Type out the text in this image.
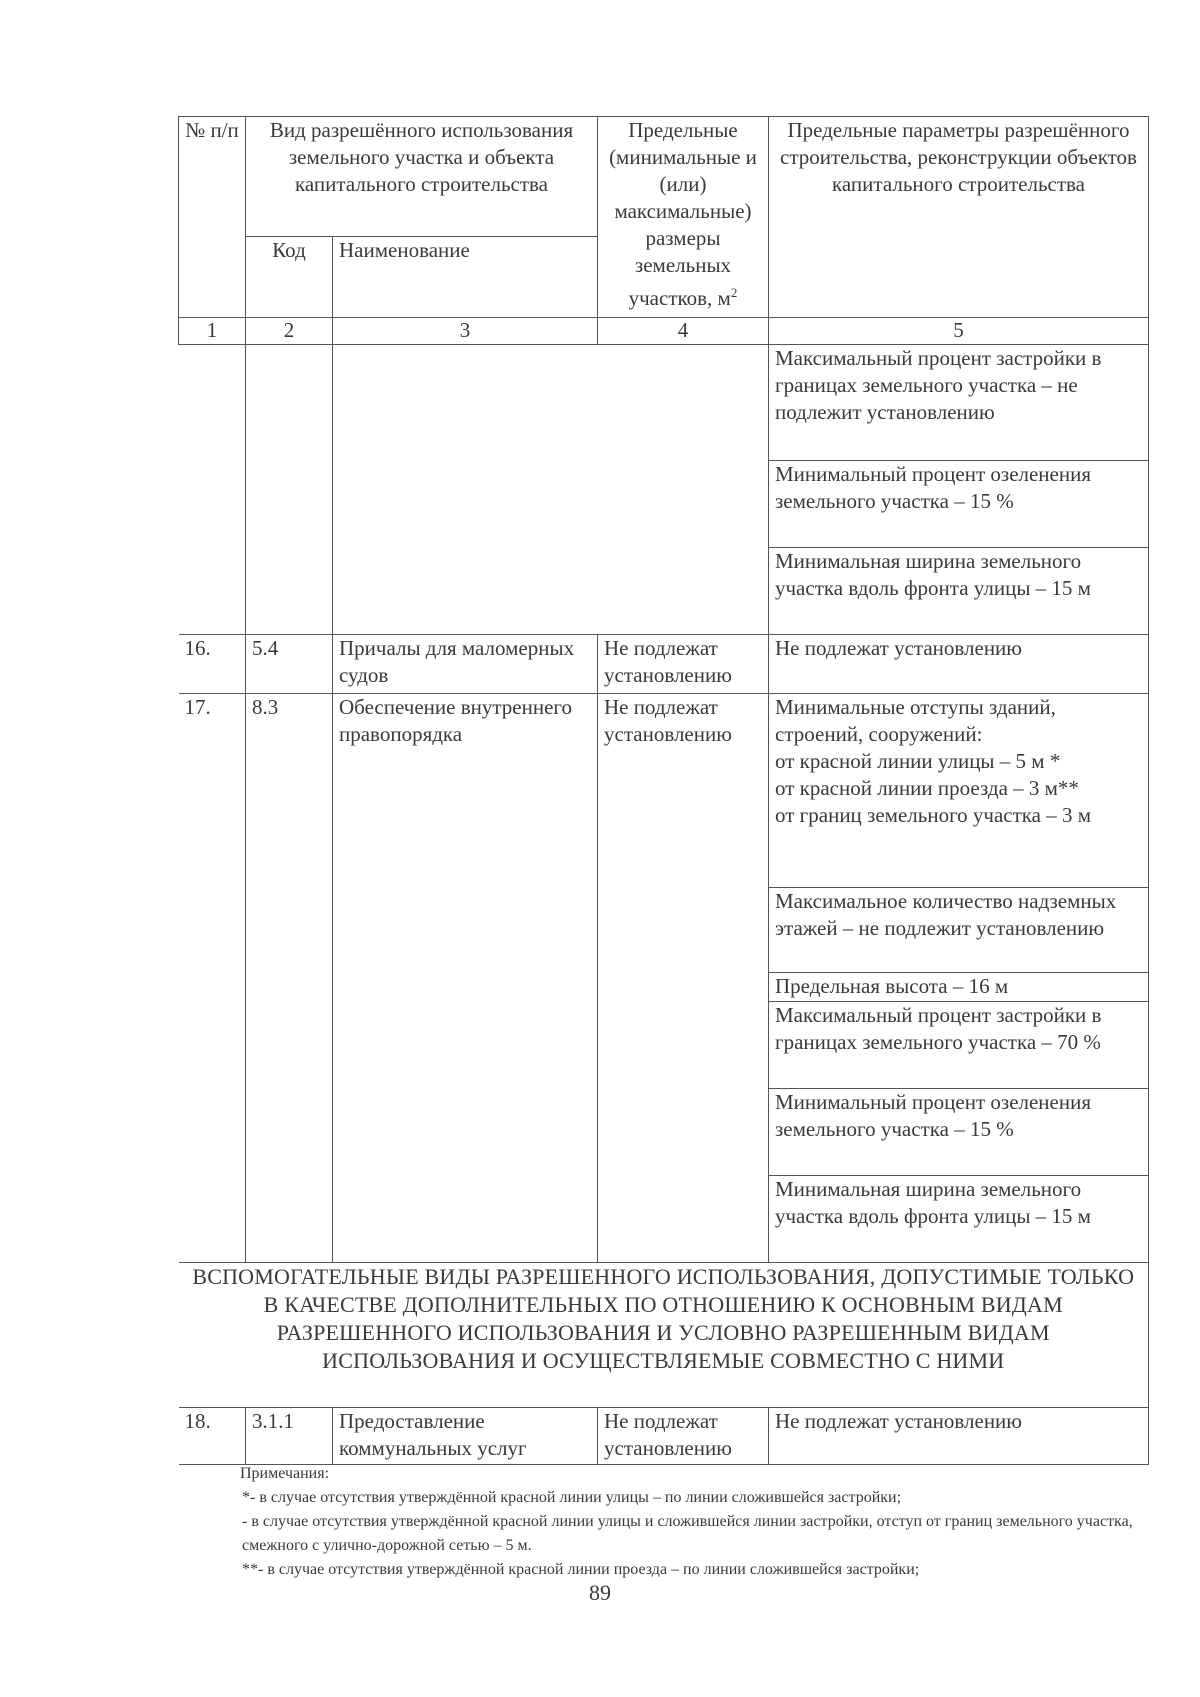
№ п/п	Вид разрешённого использования земельного участка и объекта капитального строительства		Предельные (минимальные и (или) максимальные) размеры земельных участков, $м^2$	Предельные параметры разрешённого строительства, реконструкции объектов капитального строительства
	Код	Наименование		
1	2	3	4	5
				Максимальный процент застройки в границах земельного участка – не подлежит установлению
				Минимальный процент озеленения земельного участка – 15 %
				Минимальная ширина земельного участка вдоль фронта улицы – 15 м
16.	5.4	Причалы для маломерных судов	Не подлежат установлению	Не подлежат установлению
17.	8.3	Обеспечение внутреннего правопорядка	Не подлежат установлению	Минимальные отступы зданий, строений, сооружений:
от красной линии улицы – 5 м *
от красной линии проезда – 3 м**
от границ земельного участка – 3 м

				Максимальное количество надземных этажей – не подлежит установлению
				Предельная высота – 16 м
				Максимальный процент застройки в границах земельного участка – 70 %
				Минимальный процент озеленения земельного участка – 15 %
				Минимальная ширина земельного участка вдоль фронта улицы – 15 м
ВСПОМОГАТЕЛЬНЫЕ ВИДЫ РАЗРЕШЕННОГО ИСПОЛЬЗОВАНИЯ, ДОПУСТИМЫЕ ТОЛЬКО В КАЧЕСТВЕ ДОПОЛНИТЕЛЬНЫХ ПО ОТНОШЕНИЮ К ОСНОВНЫМ ВИДАМ РАЗРЕШЕННОГО ИСПОЛЬЗОВАНИЯ И УСЛОВНО РАЗРЕШЕННЫМ ВИДАМ ИСПОЛЬЗОВАНИЯ И ОСУЩЕСТВЛЯЕМЫЕ СОВМЕСТНО С НИМИ				
18.	3.1.1	Предоставление коммунальных услуг	Не подлежат установлению	Не подлежат установлению

Примечания:

*- в случае отсутствия утверждённой красной линии улицы – по линии сложившейся застройки;

- в случае отсутствия утверждённой красной линии улицы и сложившейся линии застройки, отступ от границ земельного участка, смежного с улично-дорожной сетью – 5 м.

**- в случае отсутствия утверждённой красной линии проезда – по линии сложившейся застройки;

89
